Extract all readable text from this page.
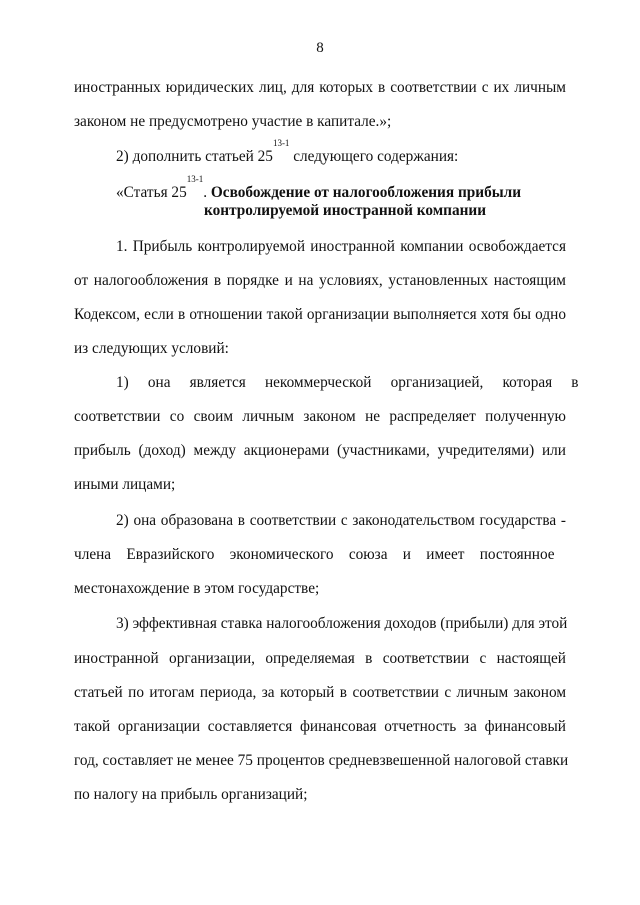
8

иностранных юридических лиц, для которых в соответствии с их личным

законом не предусмотрено участие в капитале.»;

2) дополнить статьей 25$^{13-1}$ следующего содержания:

«Статья 25$^{13-1}$. Освобождение от налогообложения прибыли

контролируемой иностранной компании

1. Прибыль контролируемой иностранной компании освобождается

от налогообложения в порядке и на условиях, установленных настоящим

Кодексом, если в отношении такой организации выполняется хотя бы одно

из следующих условий:

1)     она     является     некоммерческой     организацией,     которая     в

соответствии со своим личным законом не распределяет полученную

прибыль (доход) между акционерами (участниками, учредителями) или

иными лицами;

2) она образована в соответствии с законодательством государства -

члена    Евразийского    экономического    союза    и    имеет    постоянное

местонахождение в этом государстве;

3) эффективная ставка налогообложения доходов (прибыли) для этой

иностранной организации, определяемая в соответствии с настоящей

статьей по итогам периода, за который в соответствии с личным законом

такой организации составляется финансовая отчетность за финансовый

год, составляет не менее 75 процентов средневзвешенной налоговой ставки

по налогу на прибыль организаций;
